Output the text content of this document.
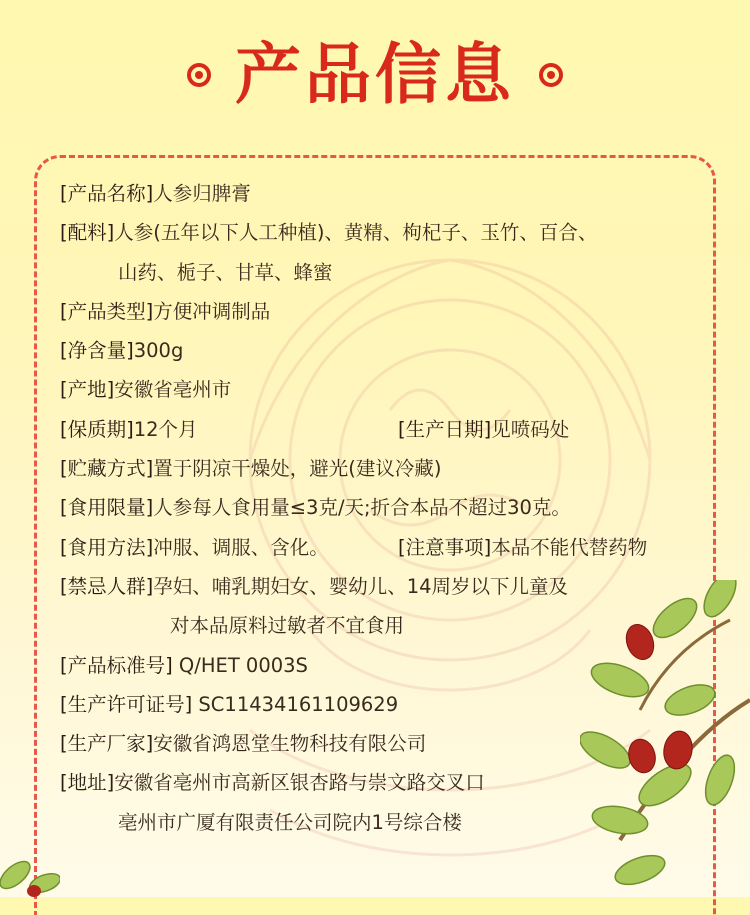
产品信息
[产品名称]人参归脾膏
[配料]人参(五年以下人工种植)、黄精、枸杞子、玉竹、百合、
山药、栀子、甘草、蜂蜜
[产品类型]方便冲调制品
[净含量]300g
[产地]安徽省亳州市
[保质期]12个月	[生产日期]见喷码处
[贮藏方式]置于阴凉干燥处，避光(建议冷藏)
[食用限量]人参每人食用量≤3克/天;折合本品不超过30克。
[食用方法]冲服、调服、含化。	[注意事项]本品不能代替药物
[禁忌人群]孕妇、哺乳期妇女、婴幼儿、14周岁以下儿童及
对本品原料过敏者不宜食用
[产品标准号] Q/HET 0003S
[生产许可证号] SC11434161109629
[生产厂家]安徽省鸿恩堂生物科技有限公司
[地址]安徽省亳州市高新区银杏路与崇文路交叉口
亳州市广厦有限责任公司院内1号综合楼
